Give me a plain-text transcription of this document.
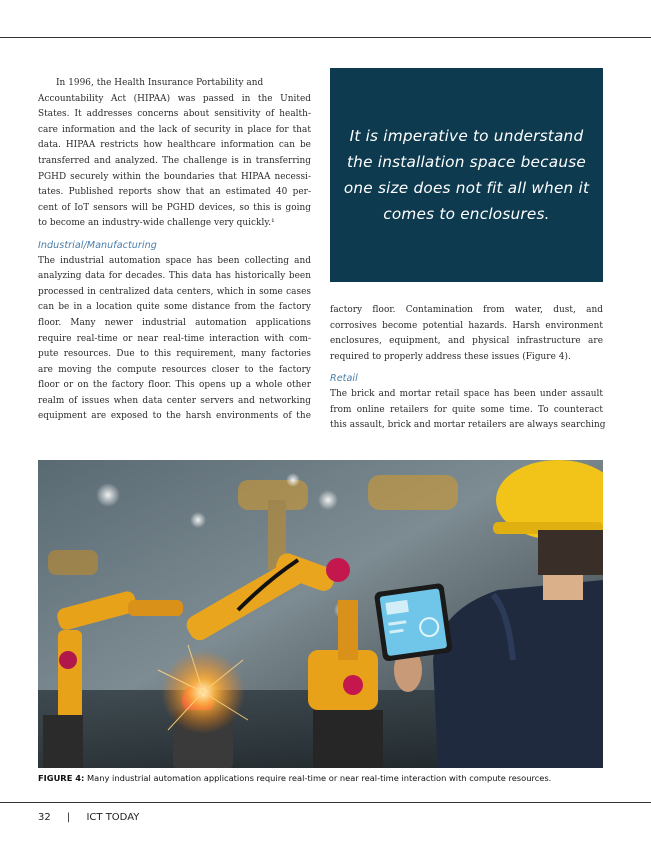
In 1996, the Health Insurance Portability and
Accountability Act (HIPAA) was passed in the United
States. It addresses concerns about sensitivity of health-
care information and the lack of security in place for that
data. HIPAA restricts how healthcare information can be
transferred and analyzed. The challenge is in transferring
PGHD securely within the boundaries that HIPAA necessi-
tates. Published reports show that an estimated 40 per-
cent of IoT sensors will be PGHD devices, so this is going
to become an industry-wide challenge very quickly.¹

Industrial/Manufacturing

The industrial automation space has been collecting and
analyzing data for decades. This data has historically been
processed in centralized data centers, which in some cases
can be in a location quite some distance from the factory
floor. Many newer industrial automation applications
require real-time or near real-time interaction with com-
pute resources. Due to this requirement, many factories
are moving the compute resources closer to the factory
floor or on the factory floor. This opens up a whole other
realm of issues when data center servers and networking
equipment are exposed to the harsh environments of the

It is imperative to understand the installation space because one size does not fit all when it comes to enclosures.

factory floor. Contamination from water, dust, and
corrosives become potential hazards. Harsh environment
enclosures, equipment, and physical infrastructure are
required to properly address these issues (Figure 4).

Retail

The brick and mortar retail space has been under assault
from online retailers for quite some time. To counteract
this assault, brick and mortar retailers are always searching

FIGURE 4: Many industrial automation applications require real-time or near real-time interaction with compute resources.
32 | ICT TODAY
